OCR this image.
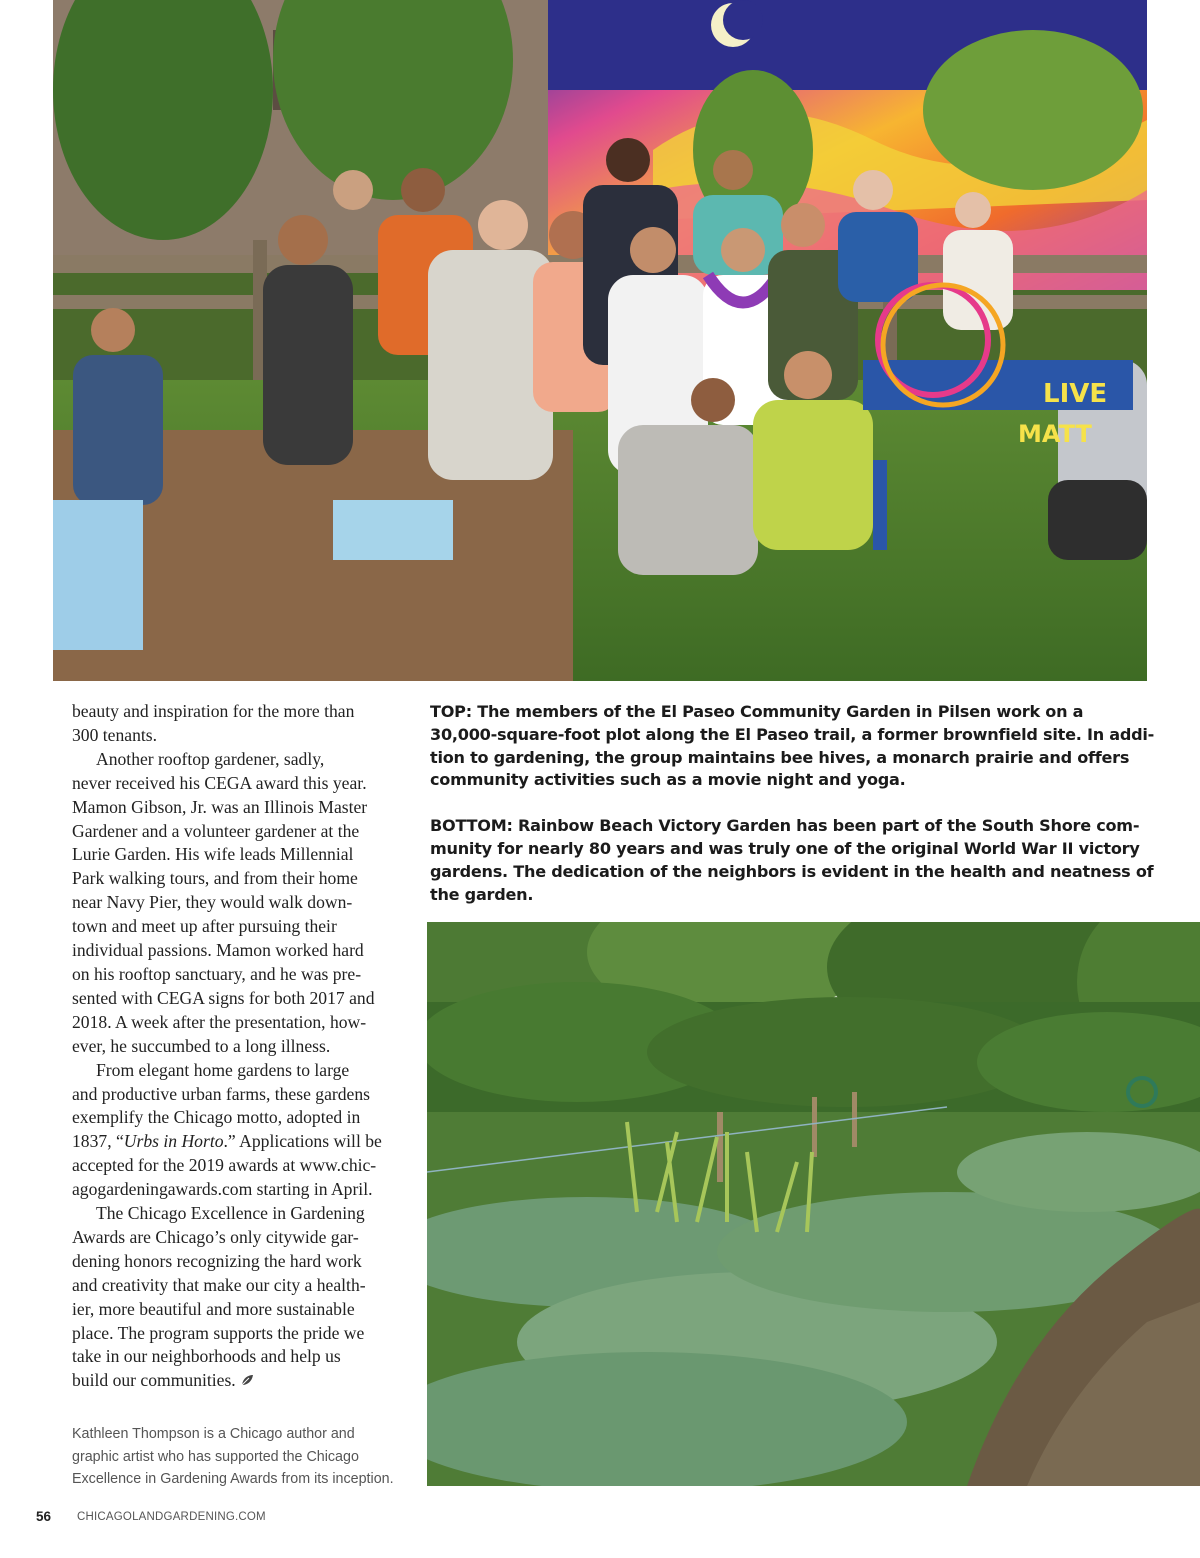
LIVE
MATT
beauty and inspiration for the more than
300 tenants.
Another rooftop gardener, sadly,
never received his CEGA award this year.
Mamon Gibson, Jr. was an Illinois Master
Gardener and a volunteer gardener at the
Lurie Garden. His wife leads Millennial
Park walking tours, and from their home
near Navy Pier, they would walk down-
town and meet up after pursuing their
individual passions. Mamon worked hard
on his rooftop sanctuary, and he was pre-
sented with CEGA signs for both 2017 and
2018. A week after the presentation, how-
ever, he succumbed to a long illness.
From elegant home gardens to large
and productive urban farms, these gardens
exemplify the Chicago motto, adopted in
1837, “Urbs in Horto.” Applications will be
accepted for the 2019 awards at www.chic-
agogardeningawards.com starting in April.
The Chicago Excellence in Gardening
Awards are Chicago’s only citywide gar-
dening honors recognizing the hard work
and creativity that make our city a health-
ier, more beautiful and more sustainable
place. The program supports the pride we
take in our neighborhoods and help us
build our communities.
Kathleen Thompson is a Chicago author and
graphic artist who has supported the Chicago
Excellence in Gardening Awards from its inception.
TOP: The members of the El Paseo Community Garden in Pilsen work on a
30,000-square-foot plot along the El Paseo trail, a former brownfield site. In addi-
tion to gardening, the group maintains bee hives, a monarch prairie and offers
community activities such as a movie night and yoga.
BOTTOM: Rainbow Beach Victory Garden has been part of the South Shore com-
munity for nearly 80 years and was truly one of the original World War II victory
gardens. The dedication of the neighbors is evident in the health and neatness of
the garden.
56 CHICAGOLANDGARDENING.COM
